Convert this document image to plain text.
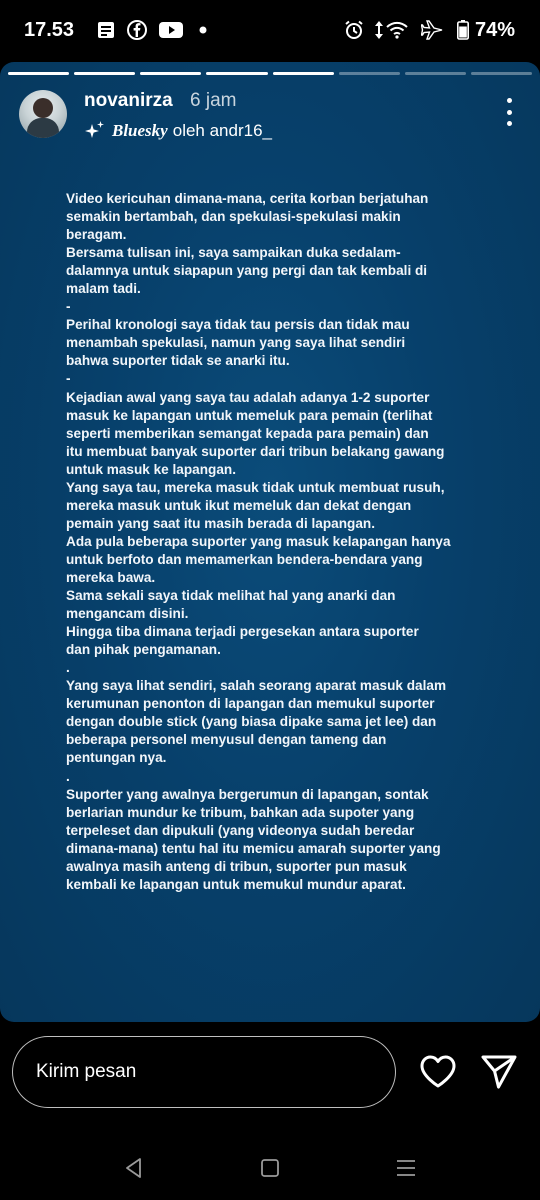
17.53	74%
novanirza 6 jam
Bluesky oleh andr16_
Video kericuhan dimana-mana, cerita korban berjatuhan
semakin bertambah, dan spekulasi-spekulasi makin
beragam.
Bersama tulisan ini, saya sampaikan duka sedalam-
dalamnya untuk siapapun yang pergi dan tak kembali di
malam tadi.
-
Perihal kronologi saya tidak tau persis dan tidak mau
menambah spekulasi, namun yang saya lihat sendiri
bahwa suporter tidak se anarki itu.
-
Kejadian awal yang saya tau adalah adanya 1-2 suporter
masuk ke lapangan untuk memeluk para pemain (terlihat
seperti memberikan semangat kepada para pemain) dan
itu membuat banyak suporter dari tribun belakang gawang
untuk masuk ke lapangan.
Yang saya tau, mereka masuk tidak untuk membuat rusuh,
mereka masuk untuk ikut memeluk dan dekat dengan
pemain yang saat itu masih berada di lapangan.
Ada pula beberapa suporter yang masuk kelapangan hanya
untuk berfoto dan memamerkan bendera-bendara yang
mereka bawa.
Sama sekali saya tidak melihat hal yang anarki dan
mengancam disini.
Hingga tiba dimana terjadi pergesekan antara suporter
dan pihak pengamanan.
.
Yang saya lihat sendiri, salah seorang aparat masuk dalam
kerumunan penonton di lapangan dan memukul suporter
dengan double stick (yang biasa dipake sama jet lee) dan
beberapa personel menyusul dengan tameng dan
pentungan nya.
.
Suporter yang awalnya bergerumun di lapangan, sontak
berlarian mundur ke tribum, bahkan ada supoter yang
terpeleset dan dipukuli (yang videonya sudah beredar
dimana-mana) tentu hal itu memicu amarah suporter yang
awalnya masih anteng di tribun, suporter pun masuk
kembali ke lapangan untuk memukul mundur aparat.
Kirim pesan
